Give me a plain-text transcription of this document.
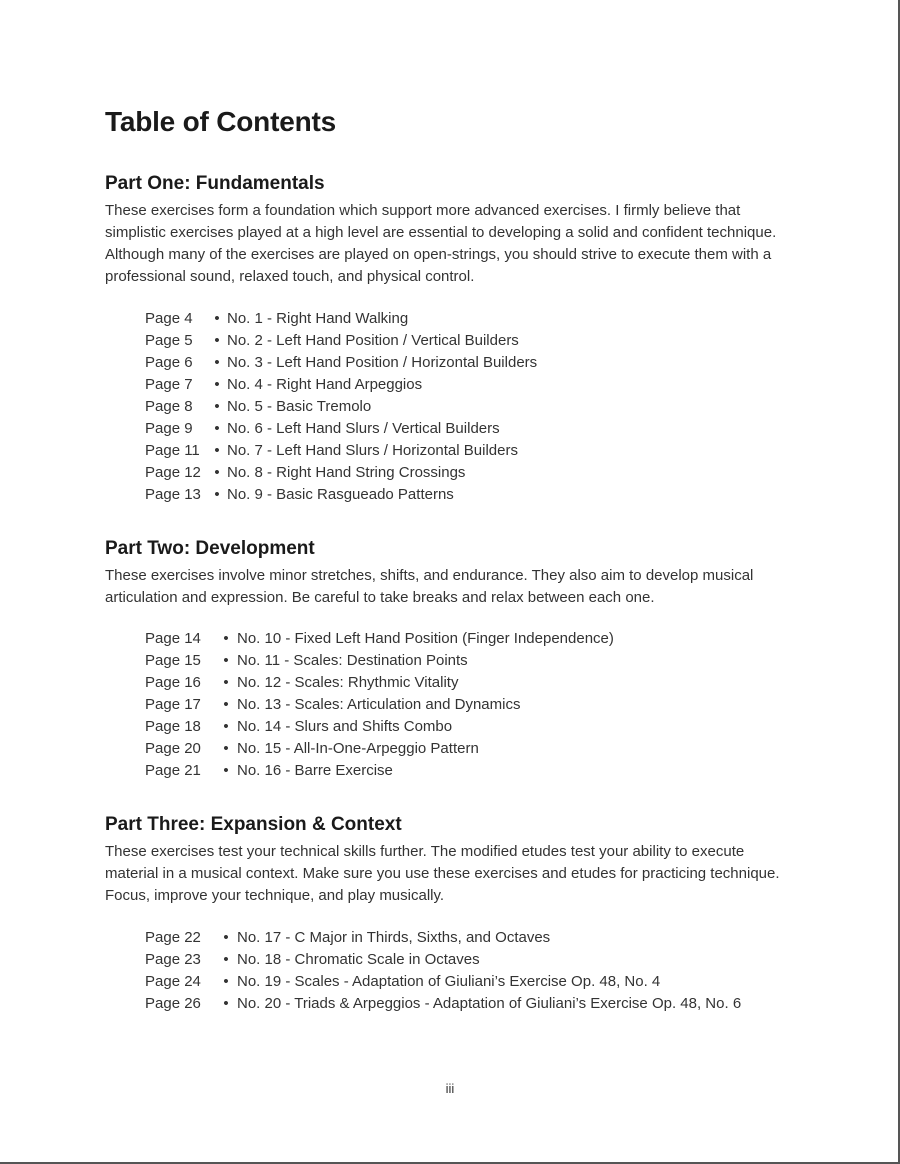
Table of Contents
Part One: Fundamentals

These exercises form a foundation which support more advanced exercises. I firmly believe that simplistic exercises played at a high level are essential to developing a solid and confident technique. Although many of the exercises are played on open-strings, you should strive to execute them with a professional sound, relaxed touch, and physical control.

Page 4	• No. 1 - Right Hand Walking
Page 5	• No. 2 - Left Hand Position / Vertical Builders
Page 6	• No. 3 - Left Hand Position / Horizontal Builders
Page 7	• No. 4 - Right Hand Arpeggios
Page 8	• No. 5 - Basic Tremolo
Page 9	• No. 6 - Left Hand Slurs / Vertical Builders
Page 11 • No. 7 - Left Hand Slurs / Horizontal Builders
Page 12 • No. 8 - Right Hand String Crossings
Page 13 • No. 9 - Basic Rasgueado Patterns
Part Two: Development

These exercises involve minor stretches, shifts, and endurance. They also aim to develop musical articulation and expression. Be careful to take breaks and relax between each one.

Page 14	• No. 10 - Fixed Left Hand Position (Finger Independence)
Page 15	• No. 11 - Scales: Destination Points
Page 16	• No. 12 - Scales: Rhythmic Vitality
Page 17	• No. 13 - Scales: Articulation and Dynamics
Page 18	• No. 14 - Slurs and Shifts Combo
Page 20	• No. 15 - All-In-One-Arpeggio Pattern
Page 21	• No. 16 - Barre Exercise
Part Three: Expansion & Context

These exercises test your technical skills further. The modified etudes test your ability to execute material in a musical context. Make sure you use these exercises and etudes for practicing technique. Focus, improve your technique, and play musically.

Page 22	• No. 17 - C Major in Thirds, Sixths, and Octaves
Page 23	• No. 18 - Chromatic Scale in Octaves
Page 24	• No. 19 - Scales - Adaptation of Giuliani’s Exercise Op. 48, No. 4
Page 26	• No. 20 - Triads & Arpeggios - Adaptation of Giuliani’s Exercise Op. 48, No. 6
iii
